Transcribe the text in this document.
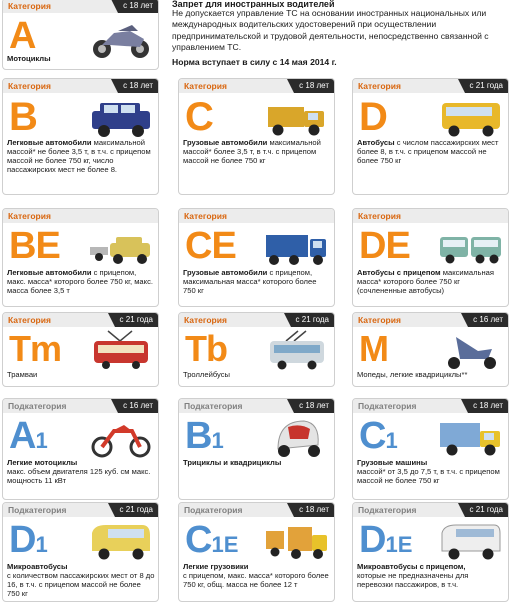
Запрет для иностранных водителей
Не допускается управление ТС на основании иностранных национальных или международных водительских удостоверений при осуществлении предпринимательской и трудовой деятельности, непосредственно связанной с управлением ТС.
Норма вступает в силу с 14 мая 2014 г.
Категория	с 18 лет
A
Мотоциклы
Категория	с 18 лет
B
Легковые автомобили максимальной массой* не более 3,5 т, в т.ч. с прицепом массой не более 750 кг, число пассажирских мест не более 8.
Категория	с 18 лет
C
Грузовые автомобили максимальной массой* более 3,5 т, в т.ч. с прицепом массой не более 750 кг
Категория	с 21 года
D
Автобусы с числом пассажирских мест более 8, в т.ч. с прицепом массой не более 750 кг
Категория
BE
Легковые автомобили с прицепом, макс. масса* которого более 750 кг, макс. масса более 3,5 т
Категория
CE
Грузовые автомобили с прицепом, максимальная масса* которого более 750 кг
Категория
DE
Автобусы с прицепом максимальная масса* которого более 750 кг (сочлененные автобусы)
Категория	с 21 года
Tm
Трамваи
Категория	с 21 года
Tb
Троллейбусы
Категория	с 16 лет
M
Мопеды, легкие квадрициклы**
Подкатегория	с 16 лет
A1
Легкие мотоциклы
макс. объем двигателя 125 куб. см макс. мощность 11 кВт
Подкатегория	с 18 лет
B1
Трициклы и квадрициклы
Подкатегория	с 18 лет
C1
Грузовые машины
массой* от 3,5 до 7,5 т, в т.ч. с прицепом массой не более 750 кг
Подкатегория	с 21 года
D1
Микроавтобусы
с количеством пассажирских мест от 8 до 16, в т.ч. с прицепом массой не более 750 кг
Подкатегория	с 18 лет
C1E
Легкие грузовики
с прицепом, макс. масса* которого более 750 кг, общ. масса не более 12 т
Подкатегория	с 21 года
D1E
Микроавтобусы с прицепом,
которые не предназначены для перевозки пассажиров, в т.ч.
